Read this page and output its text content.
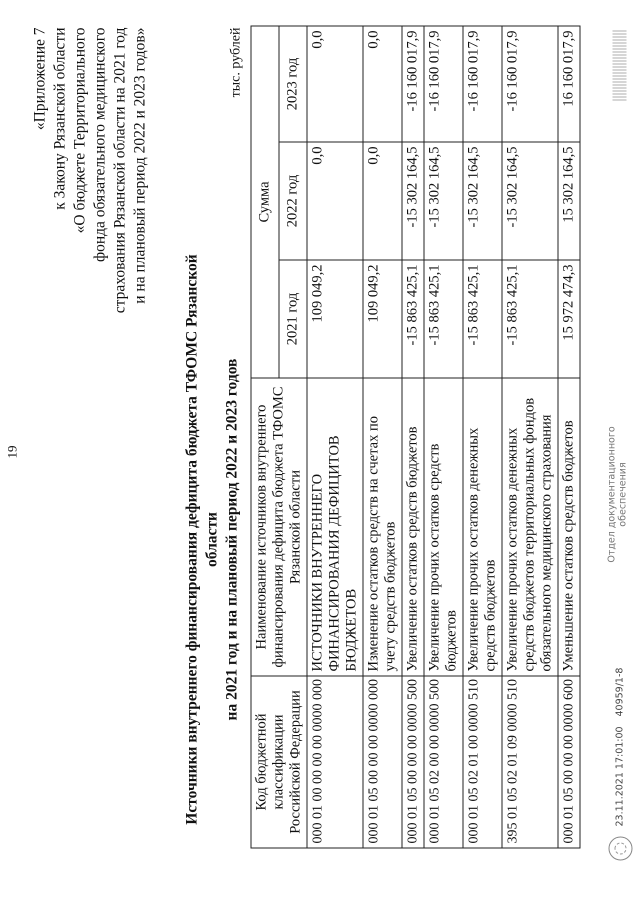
19
«Приложение 7 к Закону Рязанской области «О бюджете Территориального фонда обязательного медицинского страхования Рязанской области на 2021 год и на плановый период 2022 и 2023 годов»
Источники внутреннего финансирования дефицита бюджета ТФОМС Рязанской области на 2021 год и на плановый период 2022 и 2023 годов
тыс. рублей
Код бюджетной классификации Российской Федерации	Наименование источников внутреннего финансирования дефицита бюджета ТФОМС Рязанской области	Сумма		
		2021 год	2022 год	2023 год
000 01 00 00 00 00 0000 000	ИСТОЧНИКИ ВНУТРЕННЕГО ФИНАНСИРОВАНИЯ ДЕФИЦИТОВ БЮДЖЕТОВ	109 049,2	0,0	0,0
000 01 05 00 00 00 0000 000	Изменение остатков средств на счетах по учету средств бюджетов	109 049,2	0,0	0,0
000 01 05 00 00 00 0000 500	Увеличение остатков средств бюджетов	-15 863 425,1	-15 302 164,5	-16 160 017,9
000 01 05 02 00 00 0000 500	Увеличение прочих остатков средств бюджетов	-15 863 425,1	-15 302 164,5	-16 160 017,9
000 01 05 02 01 00 0000 510	Увеличение прочих остатков денежных средств бюджетов	-15 863 425,1	-15 302 164,5	-16 160 017,9
395 01 05 02 01 09 0000 510	Увеличение прочих остатков денежных средств бюджетов территориальных фондов обязательного медицинского страхования	-15 863 425,1	-15 302 164,5	-16 160 017,9
000 01 05 00 00 00 0000 600	Уменьшение остатков средств бюджетов	15 972 474,3	15 302 164,5	16 160 017,9
23.11.2021 17:01:00
40959/1-8
Отдел документационного обеспечения
